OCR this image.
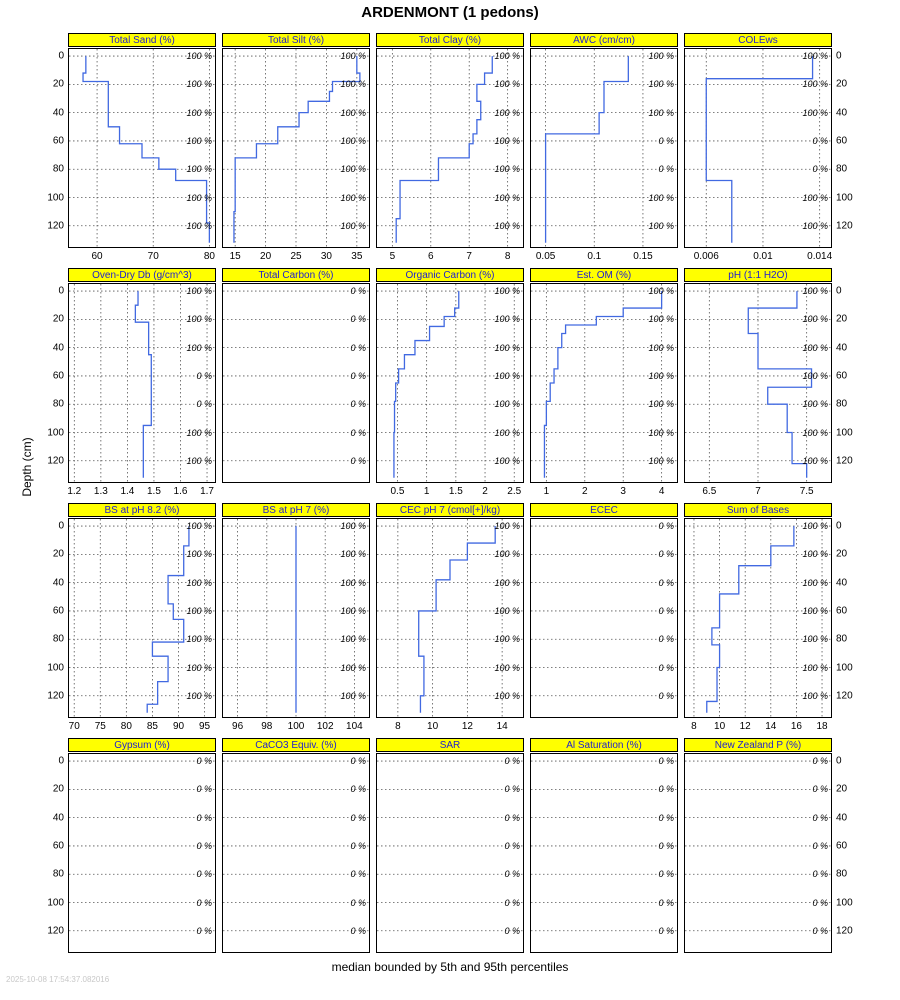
ARDENMONT (1 pedons)
Depth (cm)
Total Sand (%)
100 %
100 %
100 %
100 %
100 %
100 %
100 %
60	70	80
Total Silt (%)
100 %
100 %
100 %
100 %
100 %
100 %
100 %
15 20 25 30 35
Total Clay (%)
100 %
100 %
100 %
100 %
100 %
100 %
100 %
5	6	7	8
AWC (cm/cm)
100 %
100 %
100 %
0 %
0 %
100 %
100 %
0.05	0.1	0.15
COLEws
100 %
100 %
100 %
0 %
0 %
100 %
100 %
0.006	0.01	0.014
Oven-Dry Db (g/cm^3)
100 %
100 %
100 %
0 %
0 %
100 %
100 %
1.2 1.3 1.4 1.5 1.6 1.7
Total Carbon (%)
0 %
0 %
0 %
0 %
0 %
0 %
0 %
Organic Carbon (%)
100 %
100 %
100 %
100 %
100 %
100 %
100 %
0.5 1 1.5 2 2.5
Est. OM (%)
100 %
100 %
100 %
100 %
100 %
100 %
100 %
1	2	3	4
pH (1:1 H2O)
100 %
100 %
100 %
100 %
100 %
100 %
100 %
6.5	7	7.5
BS at pH 8.2 (%)
100 %
100 %
100 %
100 %
100 %
100 %
100 %
70 75 80 85 90 95
BS at pH 7 (%)
100 %
100 %
100 %
100 %
100 %
100 %
100 %
96 98 100 102 104
CEC pH 7 (cmol[+]/kg)
100 %
100 %
100 %
100 %
100 %
100 %
100 %
8	10 12 14
ECEC
0 %
0 %
0 %
0 %
0 %
0 %
0 %
Sum of Bases
100 %
100 %
100 %
100 %
100 %
100 %
100 %
8 10 12 14 16 18
Gypsum (%)
0 %
0 %
0 %
0 %
0 %
0 %
0 %
CaCO3 Equiv. (%)
0 %
0 %
0 %
0 %
0 %
0 %
0 %
SAR
0 %
0 %
0 %
0 %
0 %
0 %
0 %
Al Saturation (%)
0 %
0 %
0 %
0 %
0 %
0 %
0 %
New Zealand P (%)
0 %
0 %
0 %
0 %
0 %
0 %
0 %
median bounded by 5th and 95th percentiles
2025-10-08 17:54:37.082016
0
20
40
60
80
100
120
0
20
40
60
80
100
120
0
20
40
60
80
100
120
0
20
40
60
80
100
120
0
20
40
60
80
100
120
0
20
40
60
80
100
120
0
20
40
60
80
100
120
0
20
40
60
80
100
120
